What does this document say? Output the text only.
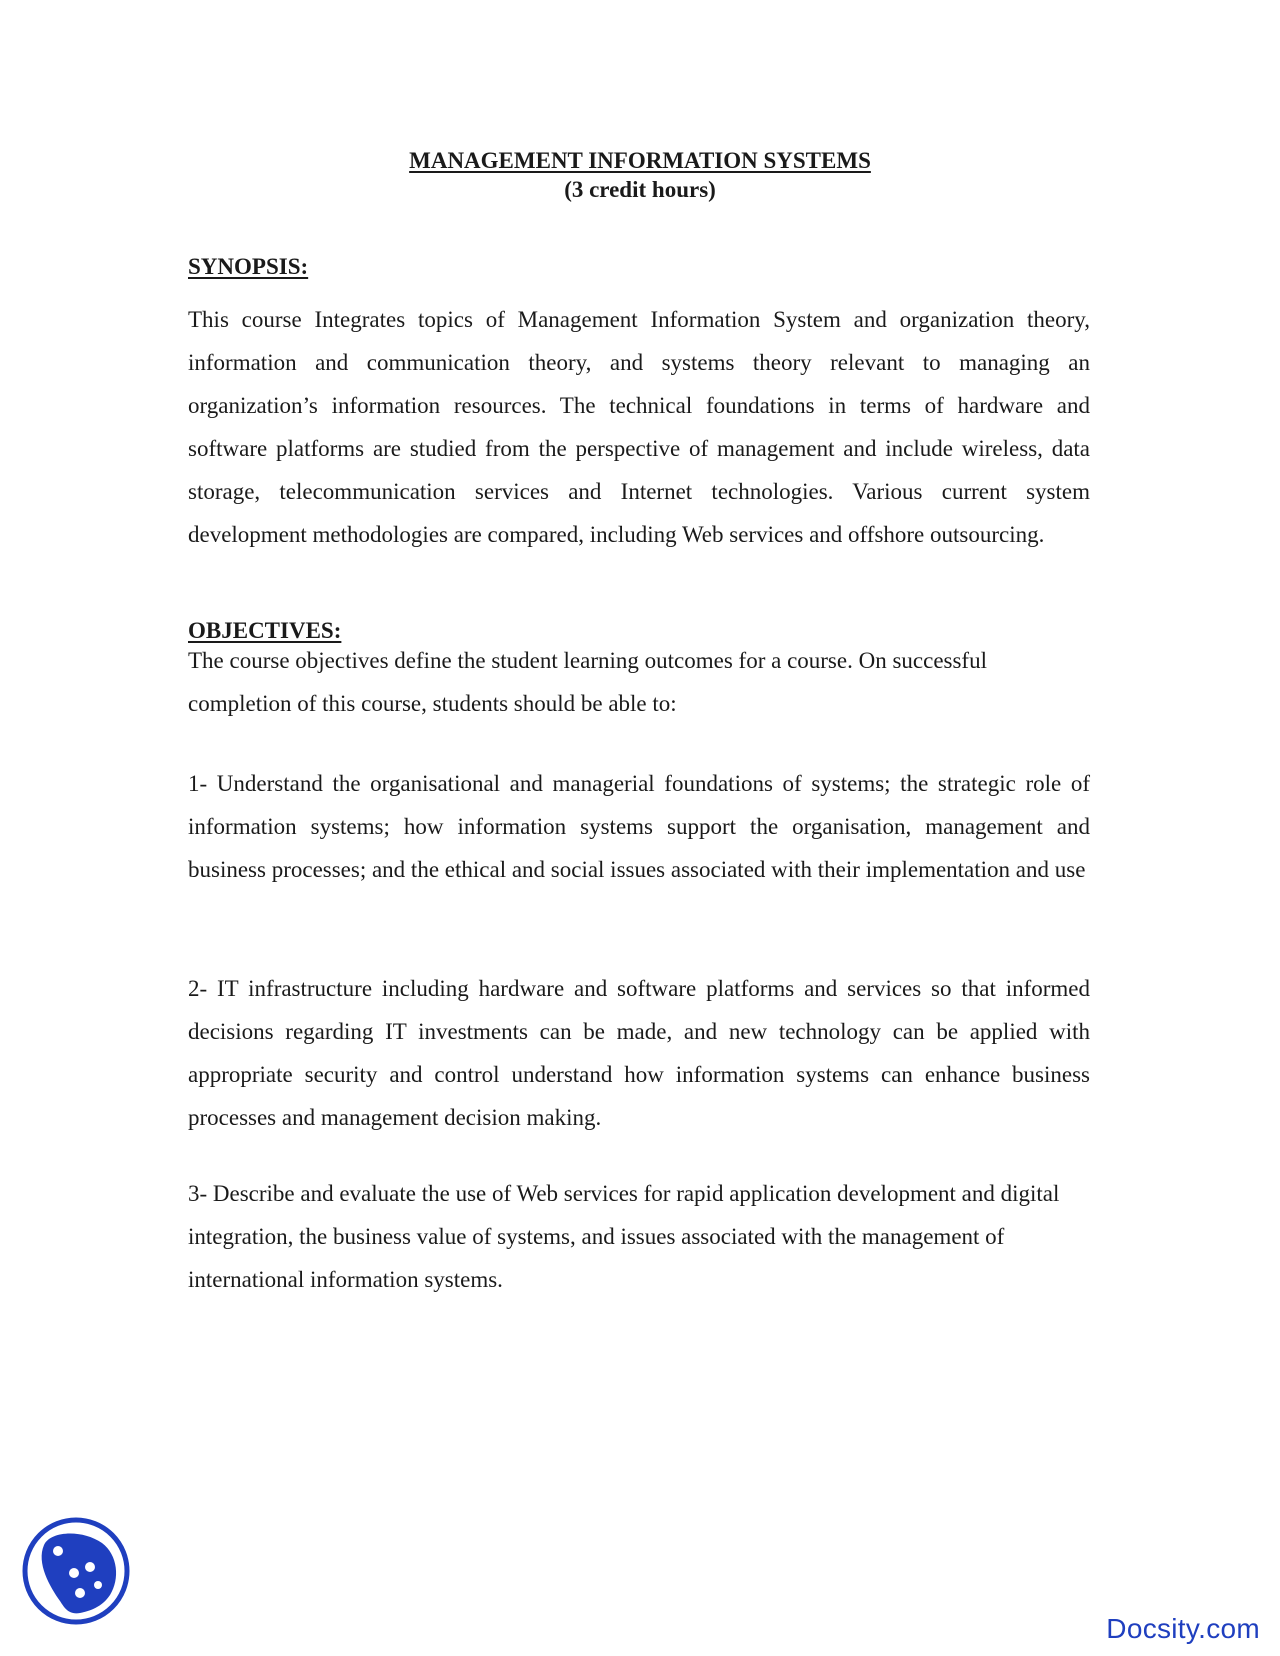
MANAGEMENT INFORMATION SYSTEMS
(3 credit hours)
SYNOPSIS:

This course Integrates topics of Management Information System and organization theory, information and communication theory, and systems theory relevant to managing an organization’s information resources. The technical foundations in terms of hardware and software platforms are studied from the perspective of management and include wireless, data storage, telecommunication services and Internet technologies. Various current system development methodologies are compared, including Web services and offshore outsourcing.

OBJECTIVES:

The course objectives define the student learning outcomes for a course. On successful completion of this course, students should be able to:

1- Understand the organisational and managerial foundations of systems; the strategic role of information systems; how information systems support the organisation, management and business processes; and the ethical and social issues associated with their implementation and use

2- IT infrastructure including hardware and software platforms and services so that informed decisions regarding IT investments can be made, and new technology can be applied with appropriate security and control understand how information systems can enhance business processes and management decision making.

3- Describe and evaluate the use of Web services for rapid application development and digital integration, the business value of systems, and issues associated with the management of international information systems.

Docsity.com
